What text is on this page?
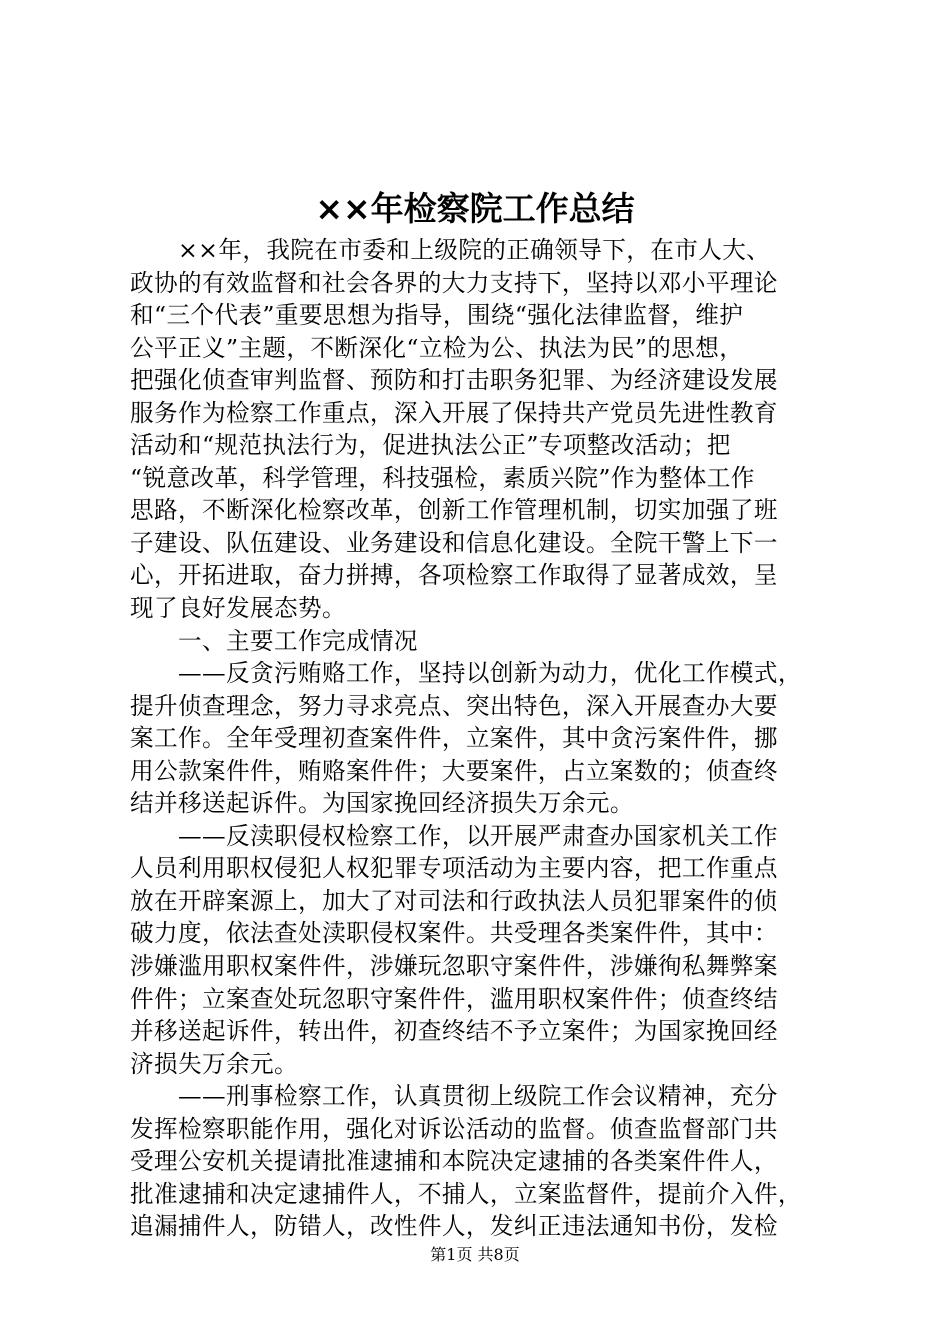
××年检察院工作总结
　　××年，我院在市委和上级院的正确领导下，在市人大、
政协的有效监督和社会各界的大力支持下，坚持以邓小平理论
和“三个代表”重要思想为指导，围绕“强化法律监督，维护
公平正义”主题，不断深化“立检为公、执法为民”的思想，
把强化侦查审判监督、预防和打击职务犯罪、为经济建设发展
服务作为检察工作重点，深入开展了保持共产党员先进性教育
活动和“规范执法行为，促进执法公正”专项整改活动；把
“锐意改革，科学管理，科技强检，素质兴院”作为整体工作
思路，不断深化检察改革，创新工作管理机制，切实加强了班
子建设、队伍建设、业务建设和信息化建设。全院干警上下一
心，开拓进取，奋力拼搏，各项检察工作取得了显著成效，呈
现了良好发展态势。
　　一、主要工作完成情况
　　——反贪污贿赂工作，坚持以创新为动力，优化工作模式，
提升侦查理念，努力寻求亮点、突出特色，深入开展查办大要
案工作。全年受理初查案件件，立案件，其中贪污案件件，挪
用公款案件件，贿赂案件件；大要案件，占立案数的；侦查终
结并移送起诉件。为国家挽回经济损失万余元。
　　——反渎职侵权检察工作，以开展严肃查办国家机关工作
人员利用职权侵犯人权犯罪专项活动为主要内容，把工作重点
放在开辟案源上，加大了对司法和行政执法人员犯罪案件的侦
破力度，依法查处渎职侵权案件。共受理各类案件件，其中：
涉嫌滥用职权案件件，涉嫌玩忽职守案件件，涉嫌徇私舞弊案
件件；立案查处玩忽职守案件件，滥用职权案件件；侦查终结
并移送起诉件，转出件，初查终结不予立案件；为国家挽回经
济损失万余元。
　　——刑事检察工作，认真贯彻上级院工作会议精神，充分
发挥检察职能作用，强化对诉讼活动的监督。侦查监督部门共
受理公安机关提请批准逮捕和本院决定逮捕的各类案件件人，
批准逮捕和决定逮捕件人，不捕人，立案监督件，提前介入件，
追漏捕件人，防错人，改性件人，发纠正违法通知书份，发检
第1页 共8页
